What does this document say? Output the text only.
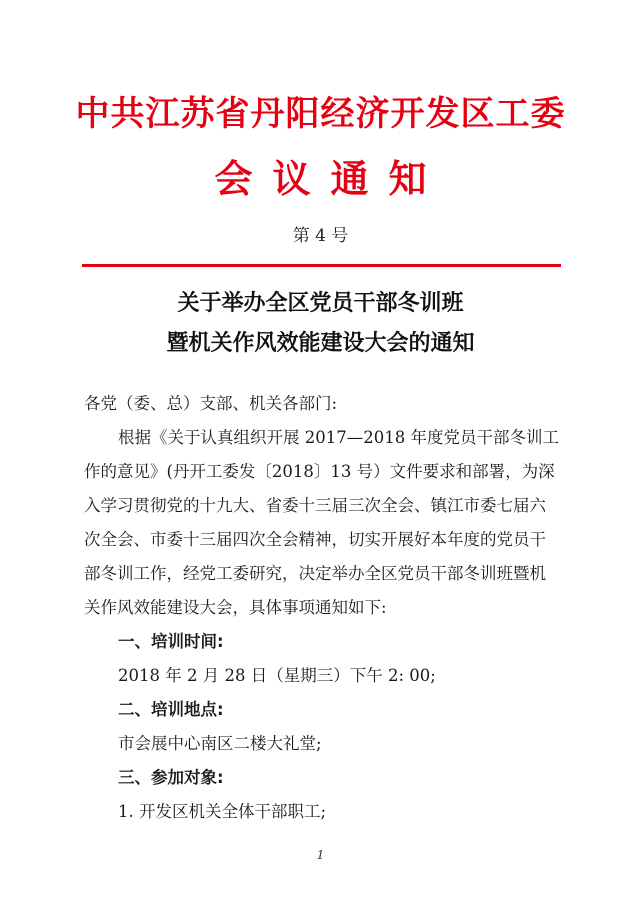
中共江苏省丹阳经济开发区工委
会议通知
第 4 号
关于举办全区党员干部冬训班
暨机关作风效能建设大会的通知
各党（委、总）支部、机关各部门:
根据《关于认真组织开展 2017—2018 年度党员干部冬训工
作的意见》(丹开工委发〔2018〕13 号）文件要求和部署，为深
入学习贯彻党的十九大、省委十三届三次全会、镇江市委七届六
次全会、市委十三届四次全会精神，切实开展好本年度的党员干
部冬训工作，经党工委研究，决定举办全区党员干部冬训班暨机
关作风效能建设大会，具体事项通知如下:
一、培训时间:
2018 年 2 月 28 日（星期三）下午 2: 00;
二、培训地点:
市会展中心南区二楼大礼堂;
三、参加对象:
1. 开发区机关全体干部职工;
1
